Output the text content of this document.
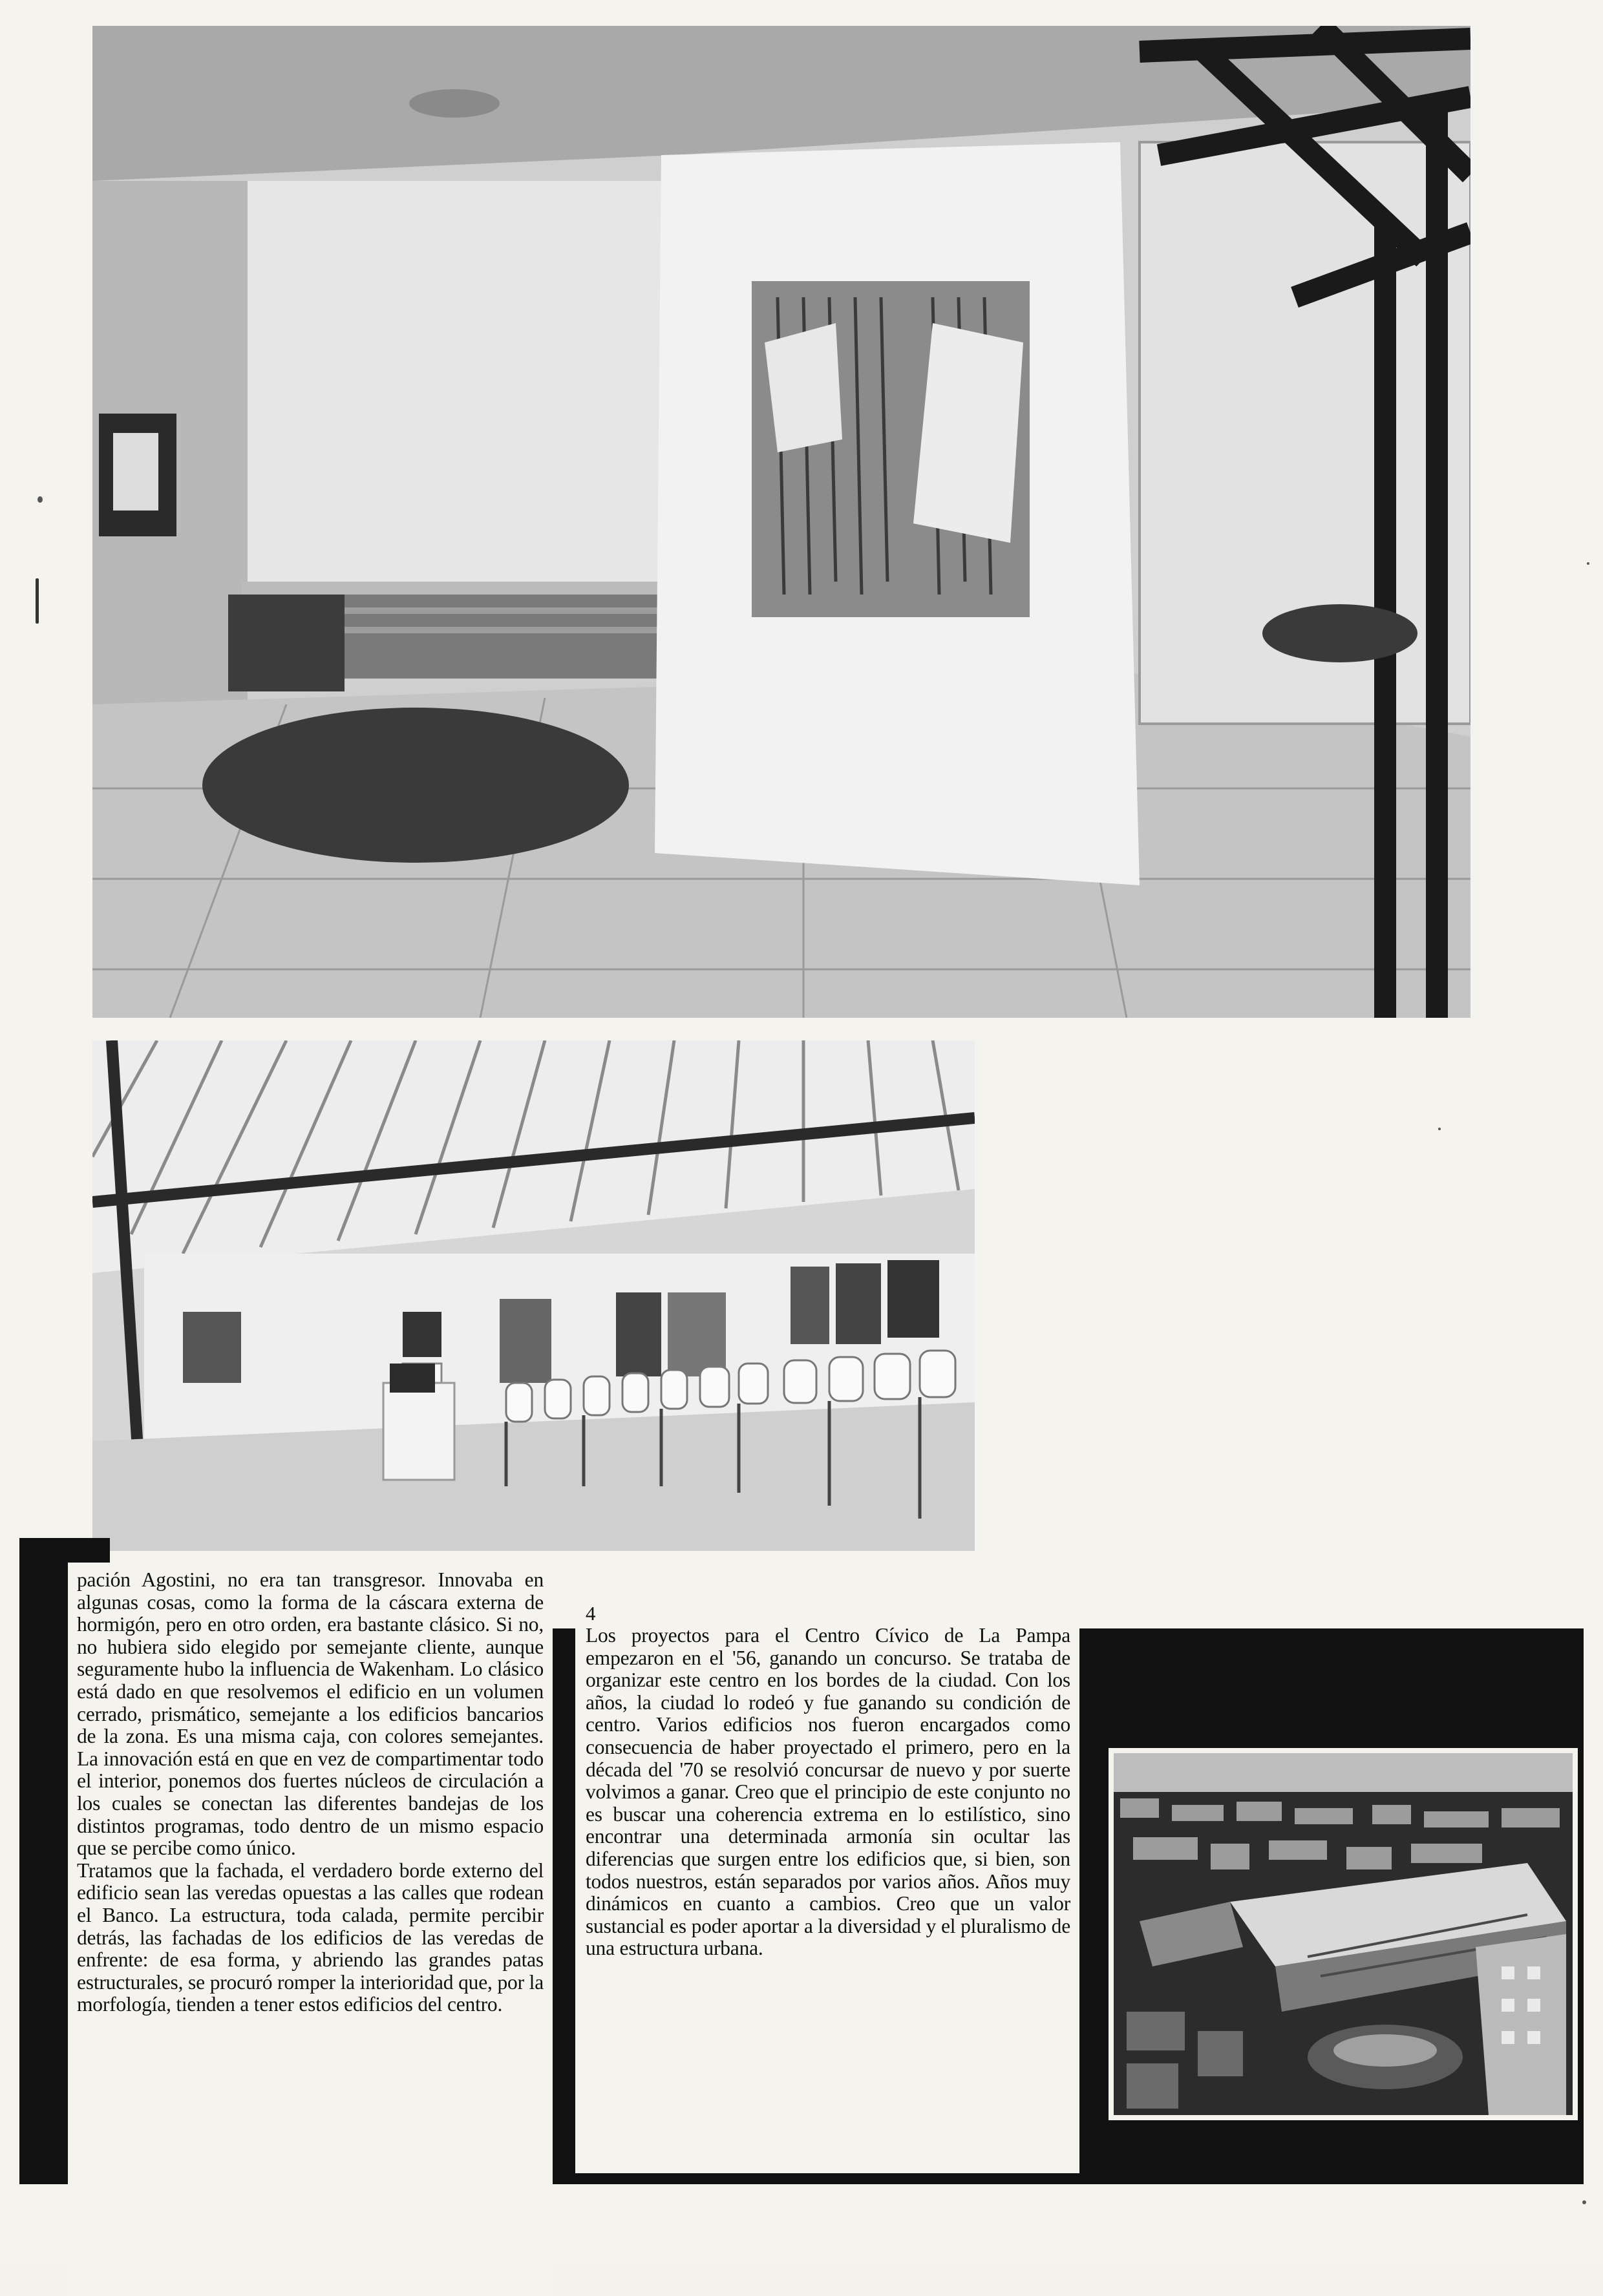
pación Agostini, no era tan transgresor. Innovaba en algunas cosas, como la forma de la cáscara externa de hormigón, pero en otro orden, era bastante clásico. Si no, no hubiera sido elegido por semejante cliente, aunque seguramente hubo la influencia de Wakenham. Lo clásico está dado en que resolvemos el edificio en un volumen cerrado, prismático, semejante a los edificios bancarios de la zona. Es una misma caja, con colores semejantes. La innovación está en que en vez de compartimentar todo el interior, ponemos dos fuertes núcleos de circulación a los cuales se conectan las diferentes bandejas de los distintos programas, todo dentro de un mismo espacio que se percibe como único.

Tratamos que la fachada, el verdadero borde externo del edificio sean las veredas opuestas a las calles que rodean el Banco. La estructura, toda calada, permite percibir detrás, las fachadas de los edificios de las veredas de enfrente: de esa forma, y abriendo las grandes patas estructurales, se procuró romper la interioridad que, por la morfología, tienden a tener estos edificios del centro.

4

Los proyectos para el Centro Cívico de La Pampa empezaron en el '56, ganando un concurso. Se trataba de organizar este centro en los bordes de la ciudad. Con los años, la ciudad lo rodeó y fue ganando su condición de centro. Varios edificios nos fueron encargados como consecuencia de haber proyectado el primero, pero en la década del '70 se resolvió concursar de nuevo y por suerte volvimos a ganar. Creo que el principio de este conjunto no es buscar una coherencia extrema en lo estilístico, sino encontrar una determinada armonía sin ocultar las diferencias que surgen entre los edificios que, si bien, son todos nuestros, están separados por varios años. Años muy dinámicos en cuanto a cambios. Creo que un valor sustancial es poder aportar a la diversidad y el pluralismo de una estructura urbana.
